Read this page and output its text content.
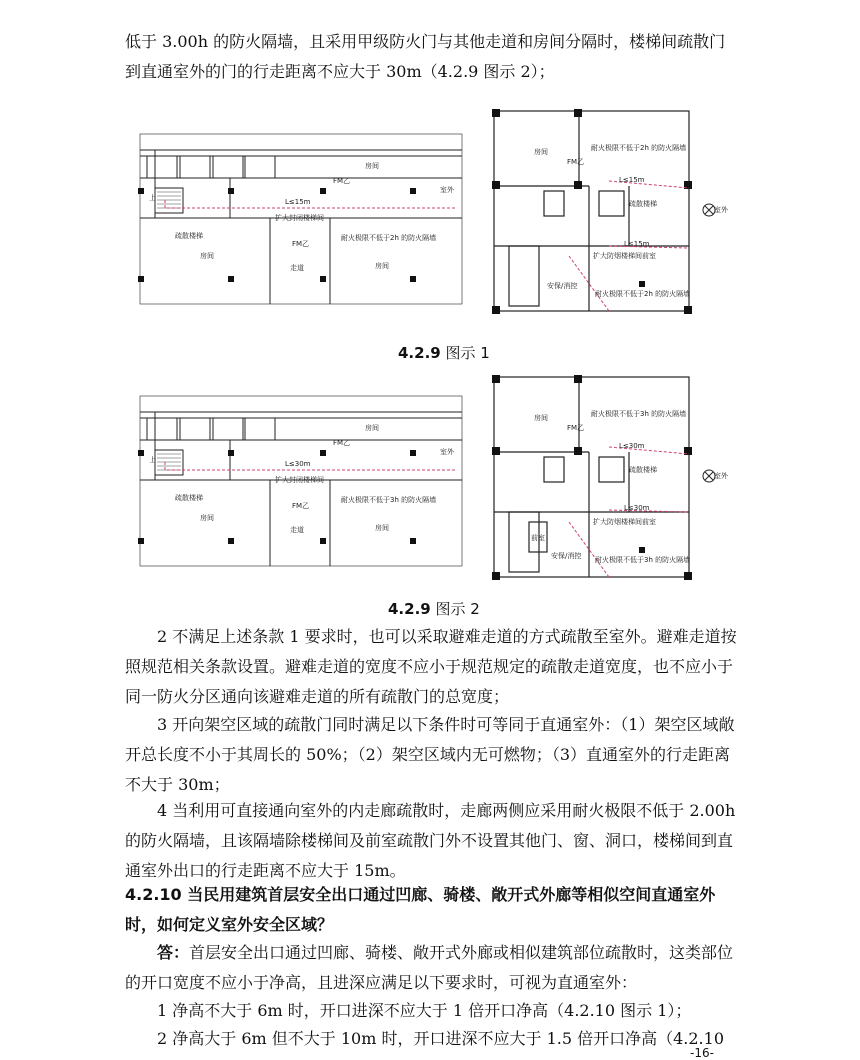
低于 3.00h 的防火隔墙，且采用甲级防火门与其他走道和房间分隔时，楼梯间疏散门到直通室外的门的行走距离不应大于 30m（4.2.9 图示 2）；

房间
FM乙
L≤15m
扩大封闭楼梯间
上
疏散楼梯
FM乙
耐火极限不低于2h 的防火隔墙
房间
走道	房间
室外
房间
FM乙
耐火极限不低于2h 的防火隔墙
L≤15m
疏散楼梯
L≤15m
扩大防烟楼梯间前室
耐火极限不低于2h 的防火隔墙
安保/消控
室外
4.2.9 图示 1
房间
FM乙
L≤30m
扩大封闭楼梯间
上
疏散楼梯
FM乙
耐火极限不低于3h 的防火隔墙
房间
走道	房间
室外
房间
FM乙
耐火极限不低于3h 的防火隔墙
L≤30m
疏散楼梯
L≤30m
扩大防烟楼梯间前室
前室
耐火极限不低于3h 的防火隔墙
安保/消控
室外
4.2.9 图示 2

2 不满足上述条款 1 要求时，也可以采取避难走道的方式疏散至室外。避难走道按照规范相关条款设置。避难走道的宽度不应小于规范规定的疏散走道宽度，也不应小于同一防火分区通向该避难走道的所有疏散门的总宽度；

3 开向架空区域的疏散门同时满足以下条件时可等同于直通室外：（1）架空区域敞开总长度不小于其周长的 50%；（2）架空区域内无可燃物；（3）直通室外的行走距离不大于 30m；

4 当利用可直接通向室外的内走廊疏散时，走廊两侧应采用耐火极限不低于 2.00h 的防火隔墙，且该隔墙除楼梯间及前室疏散门外不设置其他门、窗、洞口，楼梯间到直通室外出口的行走距离不应大于 15m。

4.2.10 当民用建筑首层安全出口通过凹廊、骑楼、敞开式外廊等相似空间直通室外时，如何定义室外安全区域？

答：首层安全出口通过凹廊、骑楼、敞开式外廊或相似建筑部位疏散时，这类部位的开口宽度不应小于净高，且进深应满足以下要求时，可视为直通室外：

1 净高不大于 6m 时，开口进深不应大于 1 倍开口净高（4.2.10 图示 1）；

2 净高大于 6m 但不大于 10m 时，开口进深不应大于 1.5 倍开口净高（4.2.10

-16-
